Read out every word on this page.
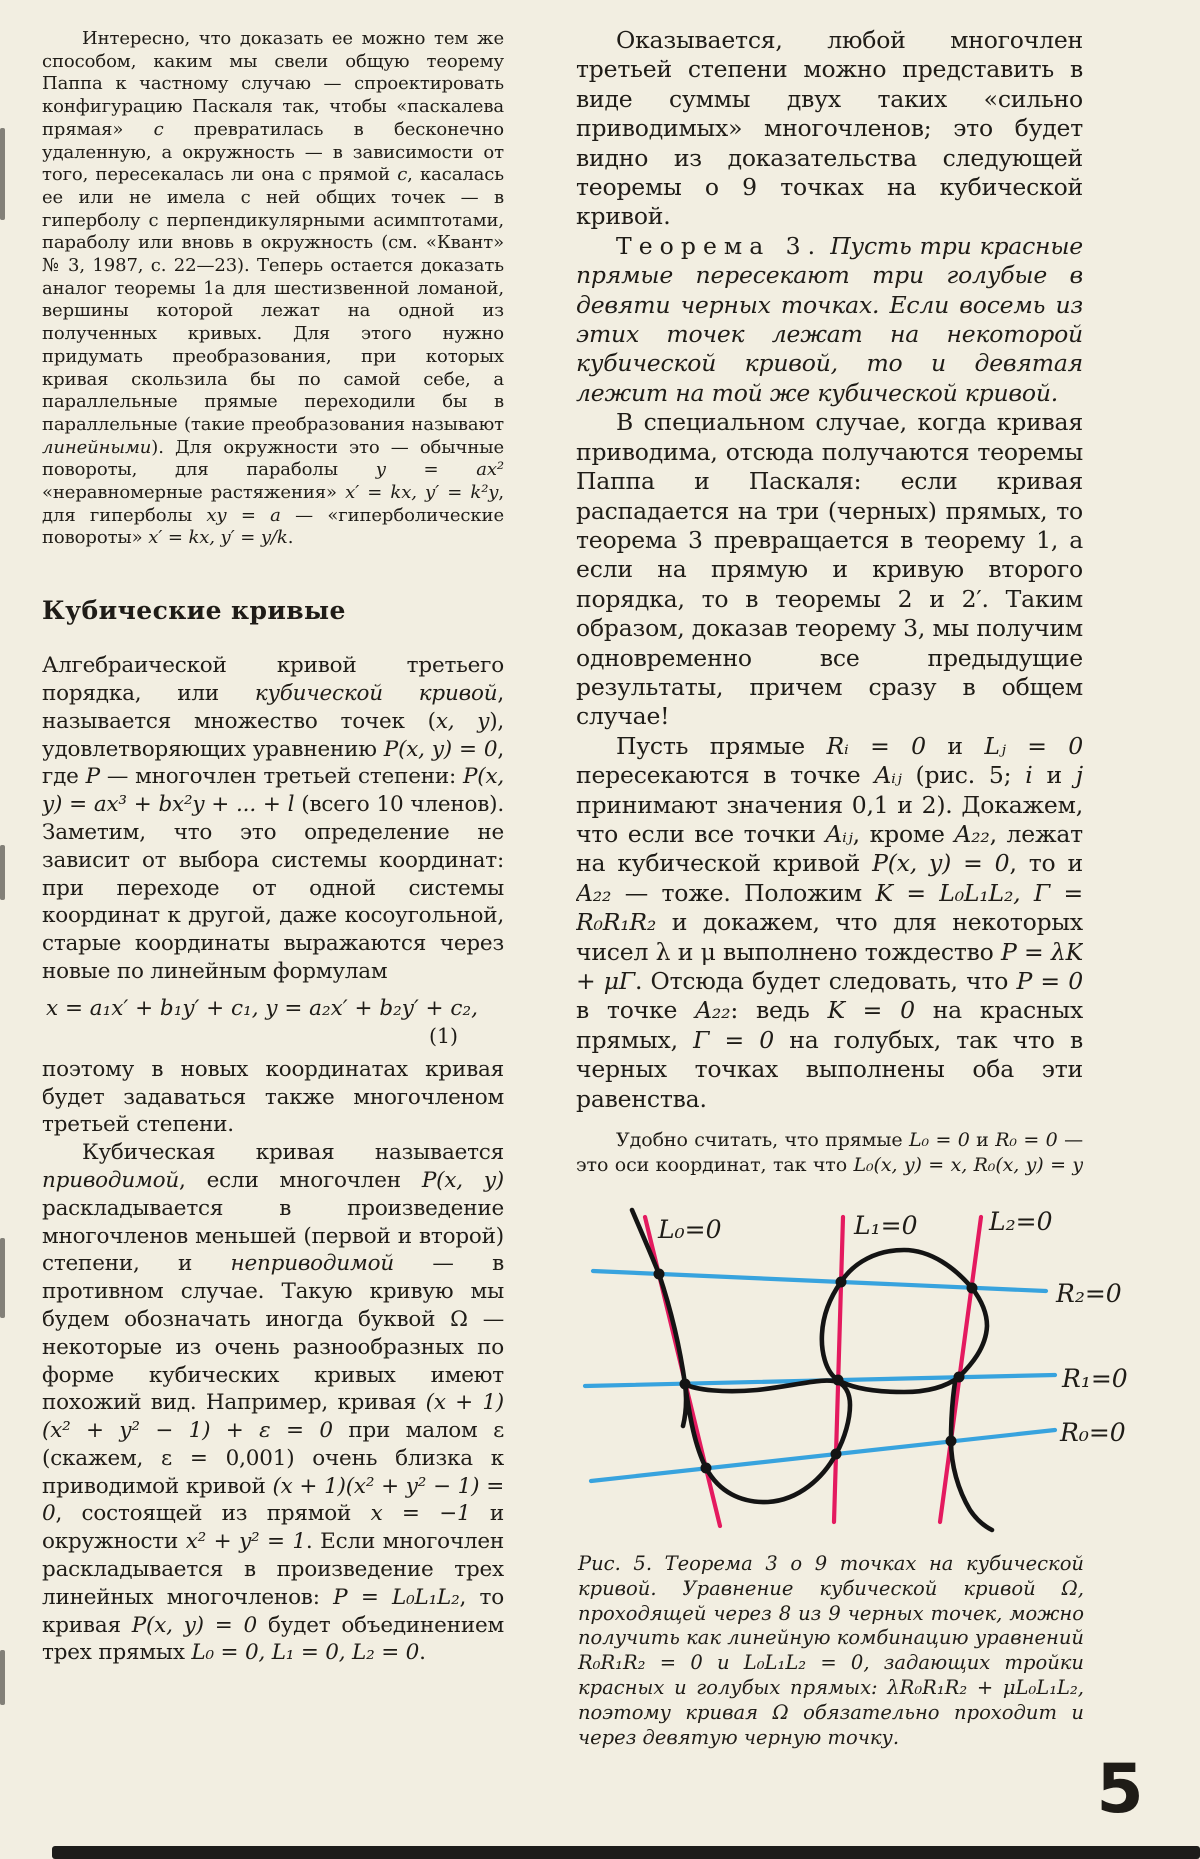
Интересно, что доказать ее можно тем же способом, каким мы свели общую теорему Паппа к частному случаю — спроектировать конфигурацию Паскаля так, чтобы «паскалева прямая» c превратилась в бесконечно удаленную, а окружность — в зависимости от того, пересекалась ли она с прямой c, касалась ее или не имела с ней общих точек — в гиперболу с перпендикулярными асимптотами, параболу или вновь в окружность (см. «Квант» № 3, 1987, с. 22—23). Теперь остается доказать аналог теоремы 1а для шестизвенной ломаной, вершины которой лежат на одной из полученных кривых. Для этого нужно придумать преобразования, при которых кривая скользила бы по самой себе, а параллельные прямые переходили бы в параллельные (такие преобразования называют линейными). Для окружности это — обычные повороты, для параболы y = ax² «неравномерные растяжения» x′ = kx, y′ = k²y, для гиперболы xy = a — «гиперболические повороты» x′ = kx, y′ = y/k.

Кубические кривые

Алгебраической кривой третьего порядка, или кубической кривой, называется множество точек (x, y), удовлетворяющих уравнению P(x, y) = 0, где P — многочлен третьей степени: P(x, y) = ax³ + bx²y + ... + l (всего 10 членов). Заметим, что это определение не зависит от выбора системы координат: при переходе от одной системы координат к другой, даже косоугольной, старые координаты выражаются через новые по линейным формулам

x = a₁x′ + b₁y′ + c₁, y = a₂x′ + b₂y′ + c₂,
(1)

поэтому в новых координатах кривая будет задаваться также многочленом третьей степени.

Кубическая кривая называется приводимой, если многочлен P(x, y) раскладывается в произведение многочленов меньшей (первой и второй) степени, и неприводимой — в противном случае. Такую кривую мы будем обозначать иногда буквой Ω — некоторые из очень разнообразных по форме кубических кривых имеют похожий вид. Например, кривая (x + 1)(x² + y² − 1) + ε = 0 при малом ε (скажем, ε = 0,001) очень близка к приводимой кривой (x + 1)(x² + y² − 1) = 0, состоящей из прямой x = −1 и окружности x² + y² = 1. Если многочлен раскладывается в произведение трех линейных многочленов: P = L₀L₁L₂, то кривая P(x, y) = 0 будет объединением трех прямых L₀ = 0, L₁ = 0, L₂ = 0.

Оказывается, любой многочлен третьей степени можно представить в виде суммы двух таких «сильно приводимых» многочленов; это будет видно из доказательства следующей теоремы о 9 точках на кубической кривой.

Теорема 3. Пусть три красные прямые пересекают три голубые в девяти черных точках. Если восемь из этих точек лежат на некоторой кубической кривой, то и девятая лежит на той же кубической кривой.

В специальном случае, когда кривая приводима, отсюда получаются теоремы Паппа и Паскаля: если кривая распадается на три (черных) прямых, то теорема 3 превращается в теорему 1, а если на прямую и кривую второго порядка, то в теоремы 2 и 2′. Таким образом, доказав теорему 3, мы получим одновременно все предыдущие результаты, причем сразу в общем случае!

Пусть прямые Rᵢ = 0 и Lⱼ = 0 пересекаются в точке Aᵢⱼ (рис. 5; i и j принимают значения 0,1 и 2). Докажем, что если все точки Aᵢⱼ, кроме A₂₂, лежат на кубической кривой P(x, y) = 0, то и A₂₂ — тоже. Положим K = L₀L₁L₂, Γ = R₀R₁R₂ и докажем, что для некоторых чисел λ и μ выполнено тождество P = λK + μΓ. Отсюда будет следовать, что P = 0 в точке A₂₂: ведь K = 0 на красных прямых, Γ = 0 на голубых, так что в черных точках выполнены оба эти равенства.

Удобно считать, что прямые L₀ = 0 и R₀ = 0 — это оси координат, так что L₀(x, y) = x, R₀(x, y) = y

L₀=0	L₁=0	L₂=0
R₂=0
R₁=0
R₀=0

Рис. 5. Теорема 3 о 9 точках на кубической кривой. Уравнение кубической кривой Ω, проходящей через 8 из 9 черных точек, можно получить как линейную комбинацию уравнений R₀R₁R₂ = 0 и L₀L₁L₂ = 0, задающих тройки красных и голубых прямых: λR₀R₁R₂ + μL₀L₁L₂, поэтому кривая Ω обязательно проходит и через девятую черную точку.

5
